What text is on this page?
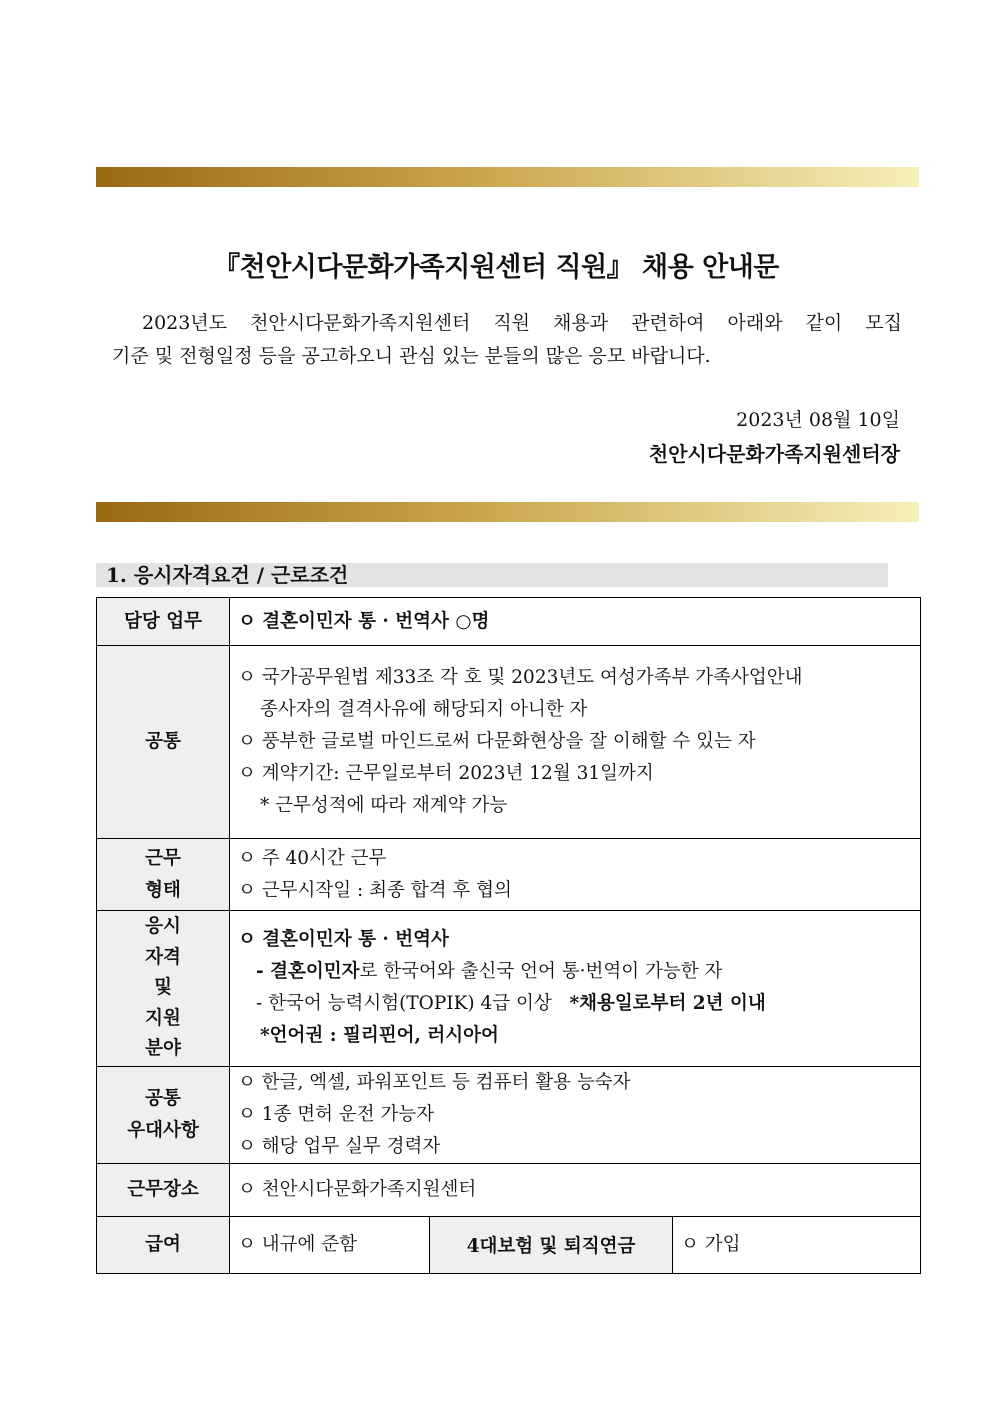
『천안시다문화가족지원센터 직원』 채용 안내문
2023년도 천안시다문화가족지원센터 직원 채용과 관련하여 아래와 같이 모집
기준 및 전형일정 등을 공고하오니 관심 있는 분들의 많은 응모 바랍니다.
2023년 08월 10일
천안시다문화가족지원센터장
1. 응시자격요건 / 근로조건
담당 업무	ㅇ 결혼이민자 통 · 번역사 ○명		
공통	ㅇ 국가공무원법 제33조 각 호 및 2023년도 여성가족부 가족사업안내
종사자의 결격사유에 해당되지 아니한 자
ㅇ 풍부한 글로벌 마인드로써 다문화현상을 잘 이해할 수 있는 자
ㅇ 계약기간: 근무일로부터 2023년 12월 31일까지
* 근무성적에 따라 재계약 가능		

근무
형태	ㅇ 주 40시간 근무
ㅇ 근무시작일 : 최종 합격 후 협의		

응시
자격
및
지원
분야	ㅇ 결혼이민자 통 · 번역사
- 결혼이민자로 한국어와 출신국 언어 통·번역이 가능한 자
- 한국어 능력시험(TOPIK) 4급 이상 *채용일로부터 2년 이내
*언어권 : 필리핀어, 러시아어		

공통
우대사항	ㅇ 한글, 엑셀, 파워포인트 등 컴퓨터 활용 능숙자
ㅇ 1종 면허 운전 가능자
ㅇ 해당 업무 실무 경력자		

근무장소	ㅇ 천안시다문화가족지원센터		
급여	ㅇ 내규에 준함	4대보험 및 퇴직연금	ㅇ 가입
